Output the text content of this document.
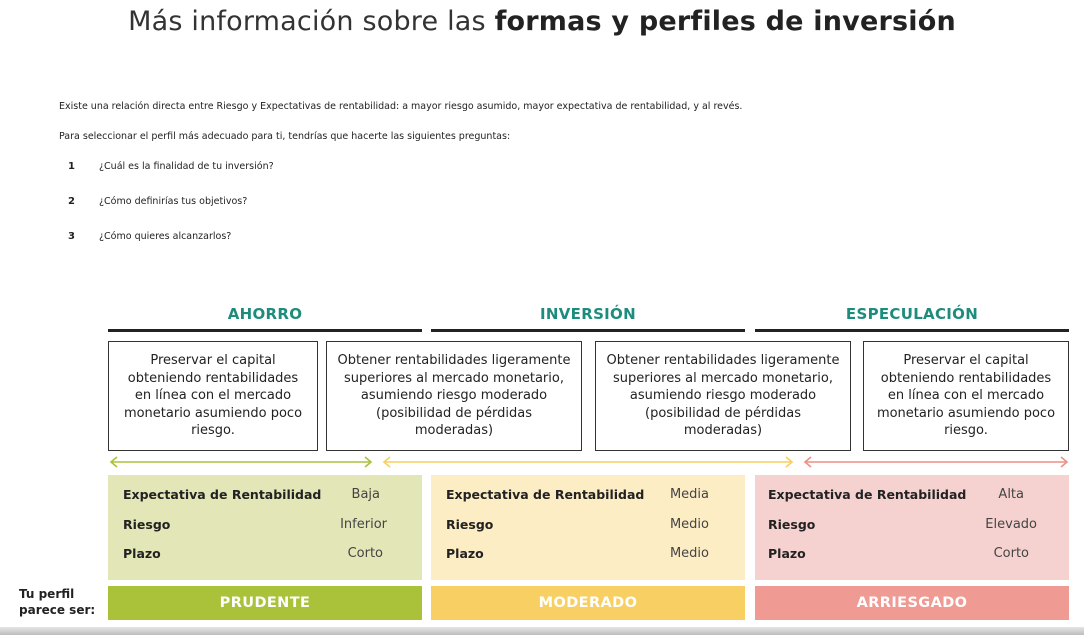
Más información sobre las formas y perfiles de inversión
Existe una relación directa entre Riesgo y Expectativas de rentabilidad: a mayor riesgo asumido, mayor expectativa de rentabilidad, y al revés.
Para seleccionar el perfil más adecuado para ti, tendrías que hacerte las siguientes preguntas:
1	¿Cuál es la finalidad de tu inversión?
2	¿Cómo definirías tus objetivos?
3	¿Cómo quieres alcanzarlos?
AHORRO	INVERSIÓN	ESPECULACIÓN
Preservar el capital obteniendo rentabilidades en línea con el mercado monetario asumiendo poco riesgo.
Obtener rentabilidades ligeramente superiores al mercado monetario, asumiendo riesgo moderado (posibilidad de pérdidas moderadas)
Obtener rentabilidades ligeramente superiores al mercado monetario, asumiendo riesgo moderado (posibilidad de pérdidas moderadas)
Preservar el capital obteniendo rentabilidades en línea con el mercado monetario asumiendo poco riesgo.
Expectativa de Rentabilidad Baja
Riesgo	Inferior
Plazo	Corto
Expectativa de Rentabilidad Media
Riesgo	Medio
Plazo	Medio
Expectativa de Rentabilidad Alta
Riesgo	Elevado
Plazo	Corto
Tu perfil
parece ser:	PRUDENTE	MODERADO	ARRIESGADO
